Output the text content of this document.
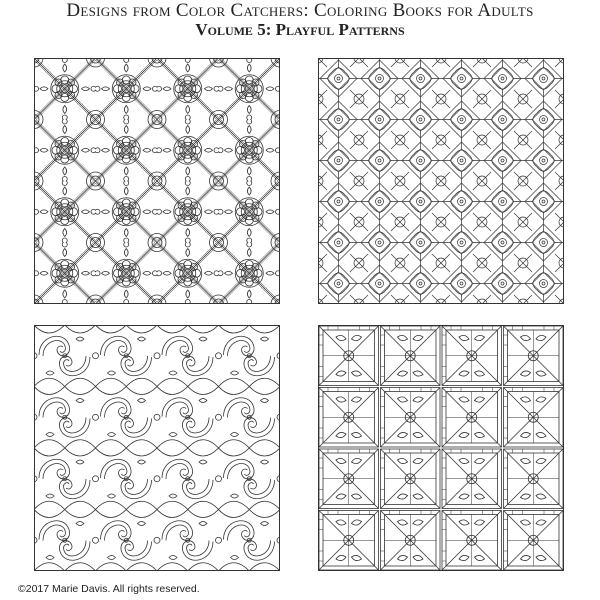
Designs from Color Catchers: Coloring Books for Adults
Volume 5: Playful Patterns
©2017 Marie Davis. All rights reserved.
